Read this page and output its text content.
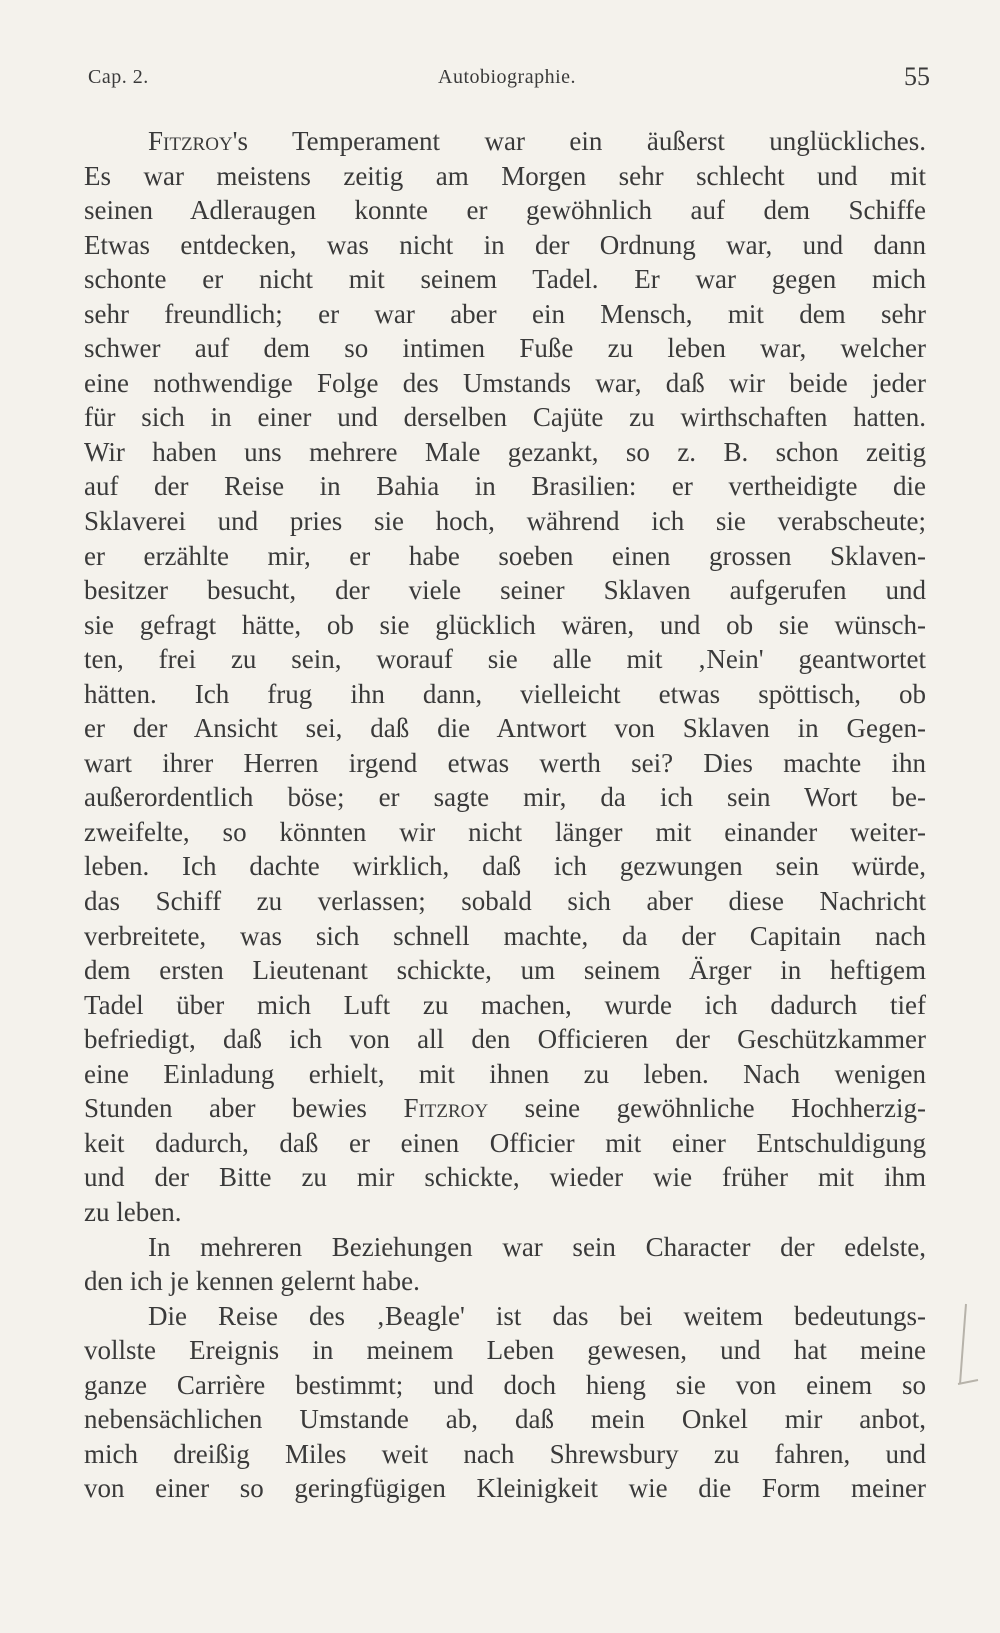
Cap. 2.	Autobiographie.	55
Fitzroy's Temperament war ein äußerst unglückliches.
Es war meistens zeitig am Morgen sehr schlecht und mit
seinen Adleraugen konnte er gewöhnlich auf dem Schiffe
Etwas entdecken, was nicht in der Ordnung war, und dann
schonte er nicht mit seinem Tadel. Er war gegen mich
sehr freundlich; er war aber ein Mensch, mit dem sehr
schwer auf dem so intimen Fuße zu leben war, welcher
eine nothwendige Folge des Umstands war, daß wir beide jeder
für sich in einer und derselben Cajüte zu wirthschaften hatten.
Wir haben uns mehrere Male gezankt, so z. B. schon zeitig
auf der Reise in Bahia in Brasilien: er vertheidigte die
Sklaverei und pries sie hoch, während ich sie verabscheute;
er erzählte mir, er habe soeben einen grossen Sklaven-
besitzer besucht, der viele seiner Sklaven aufgerufen und
sie gefragt hätte, ob sie glücklich wären, und ob sie wünsch-
ten, frei zu sein, worauf sie alle mit ‚Nein' geantwortet
hätten. Ich frug ihn dann, vielleicht etwas spöttisch, ob
er der Ansicht sei, daß die Antwort von Sklaven in Gegen-
wart ihrer Herren irgend etwas werth sei? Dies machte ihn
außerordentlich böse; er sagte mir, da ich sein Wort be-
zweifelte, so könnten wir nicht länger mit einander weiter-
leben. Ich dachte wirklich, daß ich gezwungen sein würde,
das Schiff zu verlassen; sobald sich aber diese Nachricht
verbreitete, was sich schnell machte, da der Capitain nach
dem ersten Lieutenant schickte, um seinem Ärger in heftigem
Tadel über mich Luft zu machen, wurde ich dadurch tief
befriedigt, daß ich von all den Officieren der Geschützkammer
eine Einladung erhielt, mit ihnen zu leben. Nach wenigen
Stunden aber bewies Fitzroy seine gewöhnliche Hochherzig-
keit dadurch, daß er einen Officier mit einer Entschuldigung
und der Bitte zu mir schickte, wieder wie früher mit ihm
zu leben.
In mehreren Beziehungen war sein Character der edelste,
den ich je kennen gelernt habe.
Die Reise des ‚Beagle' ist das bei weitem bedeutungs-
vollste Ereignis in meinem Leben gewesen, und hat meine
ganze Carrière bestimmt; und doch hieng sie von einem so
nebensächlichen Umstande ab, daß mein Onkel mir anbot,
mich dreißig Miles weit nach Shrewsbury zu fahren, und
von einer so geringfügigen Kleinigkeit wie die Form meiner
